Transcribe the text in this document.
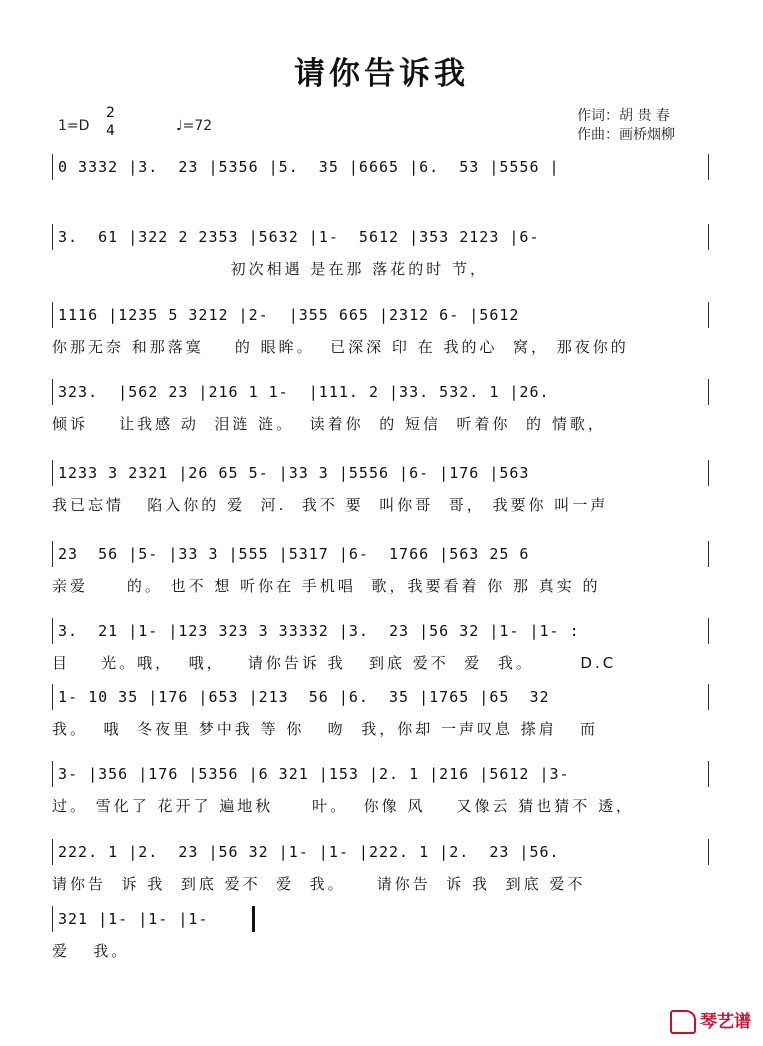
请你告诉我
1=D
2
4	♩=72
作词：胡 贵 春
作曲：画桥烟柳
0 3332 |3.  23 |5356 |5.  35 |6665 |6.  53 |5556 |
3.  61 |322 2 2353 |5632 |1-  5612 |353 2123 |6-
初次相遇 是在那 落花的时 节，
1116 |1235 5 3212 |2-  |355 665 |2312 6- |5612
你那无奈 和那落寞    的 眼眸。  已深深 印 在 我的心  窝， 那夜你的
323.  |562 23 |216 1 1-  |111. 2 |33. 532. 1 |26.
倾诉    让我感 动  泪涟 涟。  读着你  的 短信  听着你  的 情歌，
1233 3 2321 |26 65 5- |33 3 |5556 |6- |176 |563
我已忘情   陷入你的 爱  河.  我不 要  叫你哥  哥， 我要你 叫一声
23  56 |5- |33 3 |555 |5317 |6-  1766 |563 25 6
亲爱     的。 也不 想 听你在 手机唱  歌，我要看着 你 那 真实 的
3.  21 |1- |123 323 3 33332 |3.  23 |56 32 |1- |1- :
目    光。哦，  哦，   请你告诉 我   到底 爱不  爱  我。      D.C
1- 10 35 |176 |653 |213  56 |6.  35 |1765 |65  32
我。  哦  冬夜里 梦中我 等 你   吻  我，你却 一声叹息 搽肩   而
3- |356 |176 |5356 |6 321 |153 |2. 1 |216 |5612 |3-
过。 雪化了 花开了 遍地秋     叶。  你像 风    又像云 猜也猜不 透，
222. 1 |2.  23 |56 32 |1- |1- |222. 1 |2.  23 |56.
请你告  诉 我  到底 爱不  爱  我。    请你告  诉 我  到底 爱不
321 |1- |1- |1-
爱   我。
琴艺谱
